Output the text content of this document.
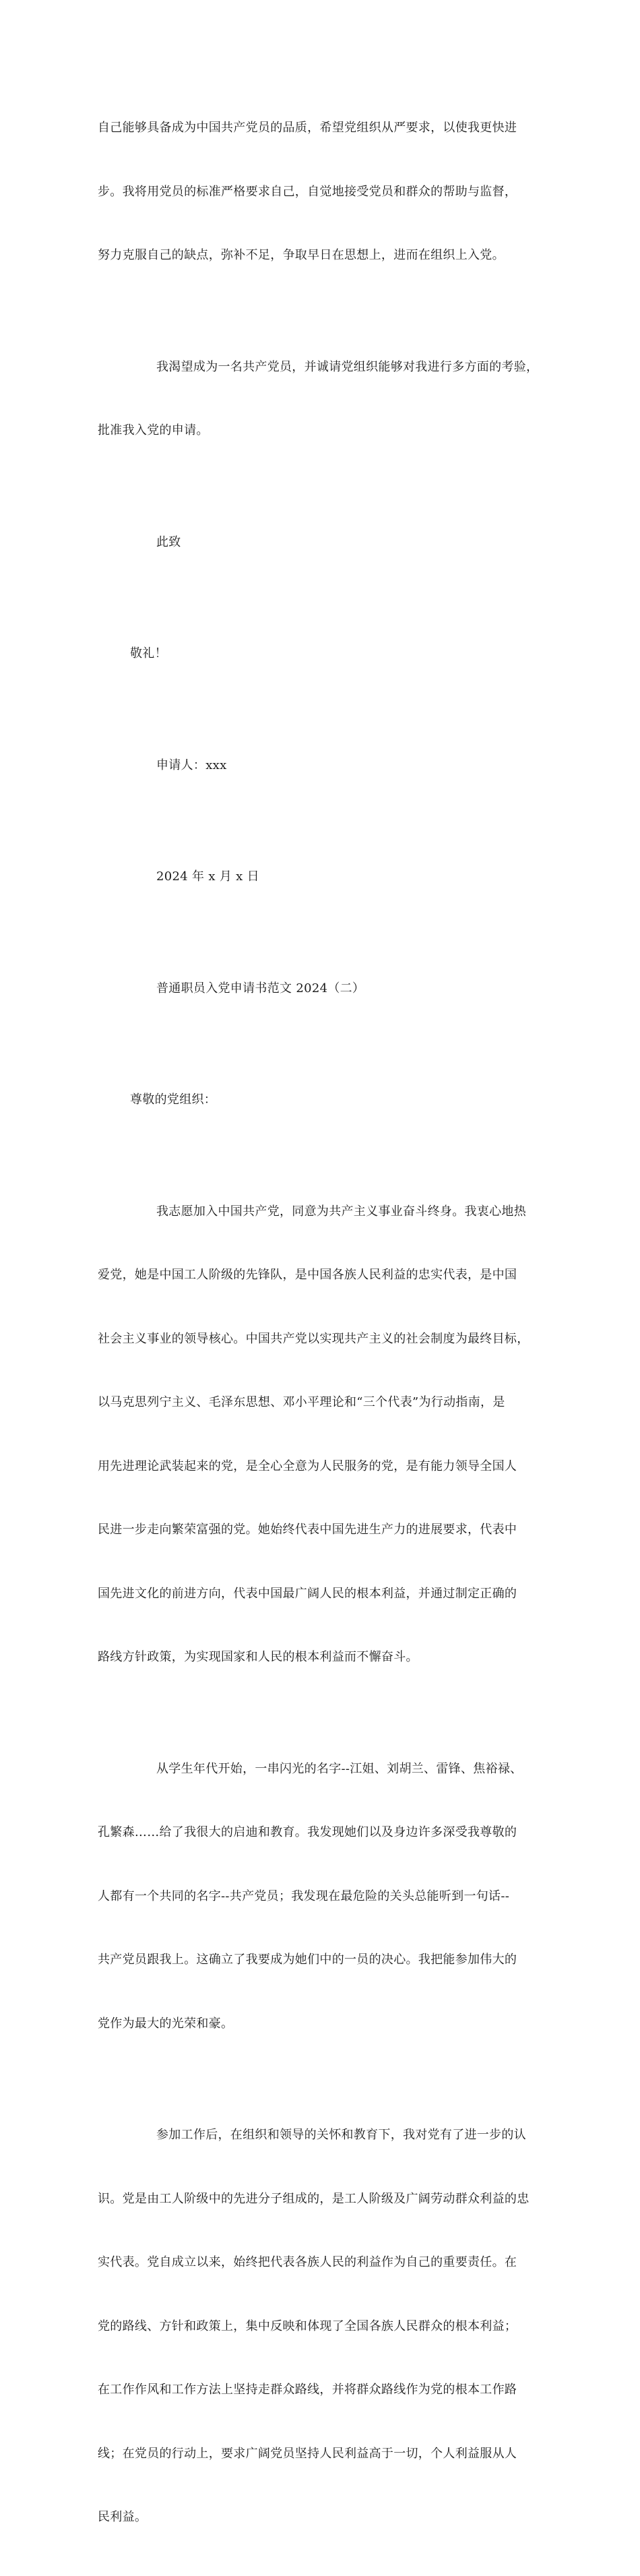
自己能够具备成为中国共产党员的品质，希望党组织从严要求，以使我更快进

步。我将用党员的标准严格要求自己，自觉地接受党员和群众的帮助与监督，

努力克服自己的缺点，弥补不足，争取早日在思想上，进而在组织上入党。

我渴望成为一名共产党员，并诚请党组织能够对我进行多方面的考验，

批准我入党的申请。

此致

敬礼！

申请人：xxx

2024 年 x 月 x 日

普通职员入党申请书范文 2024（二）

尊敬的党组织：

我志愿加入中国共产党，同意为共产主义事业奋斗终身。我衷心地热

爱党，她是中国工人阶级的先锋队，是中国各族人民利益的忠实代表，是中国

社会主义事业的领导核心。中国共产党以实现共产主义的社会制度为最终目标，

以马克思列宁主义、毛泽东思想、邓小平理论和“三个代表”为行动指南，是

用先进理论武装起来的党，是全心全意为人民服务的党，是有能力领导全国人

民进一步走向繁荣富强的党。她始终代表中国先进生产力的进展要求，代表中

国先进文化的前进方向，代表中国最广阔人民的根本利益，并通过制定正确的

路线方针政策，为实现国家和人民的根本利益而不懈奋斗。

从学生年代开始，一串闪光的名字--江姐、刘胡兰、雷锋、焦裕禄、

孔繁森……给了我很大的启迪和教育。我发现她们以及身边许多深受我尊敬的

人都有一个共同的名字--共产党员；我发现在最危险的关头总能听到一句话--

共产党员跟我上。这确立了我要成为她们中的一员的决心。我把能参加伟大的

党作为最大的光荣和豪。

参加工作后，在组织和领导的关怀和教育下，我对党有了进一步的认

识。党是由工人阶级中的先进分子组成的，是工人阶级及广阔劳动群众利益的忠

实代表。党自成立以来，始终把代表各族人民的利益作为自己的重要责任。在

党的路线、方针和政策上，集中反映和体现了全国各族人民群众的根本利益；

在工作作风和工作方法上坚持走群众路线，并将群众路线作为党的根本工作路

线；在党员的行动上，要求广阔党员坚持人民利益高于一切，个人利益服从人

民利益。
